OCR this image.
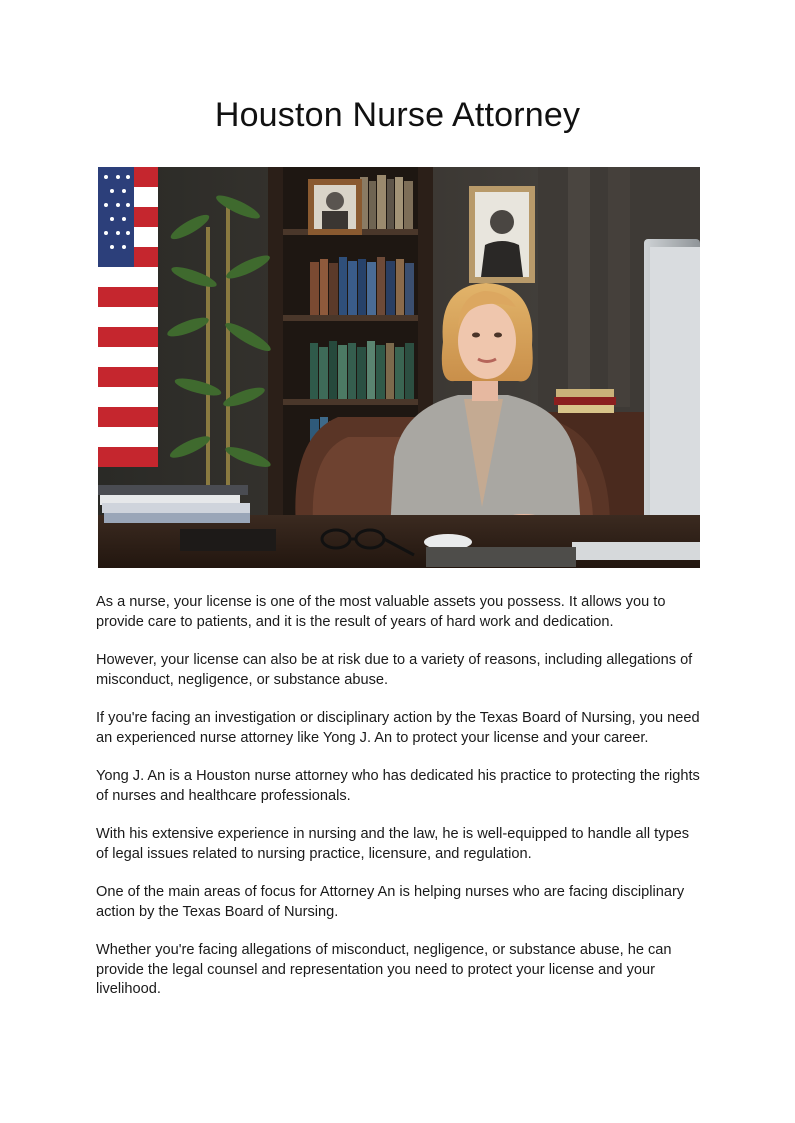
Houston Nurse Attorney

As a nurse, your license is one of the most valuable assets you possess. It allows you to provide care to patients, and it is the result of years of hard work and dedication.

However, your license can also be at risk due to a variety of reasons, including allegations of misconduct, negligence, or substance abuse.

If you're facing an investigation or disciplinary action by the Texas Board of Nursing, you need an experienced nurse attorney like Yong J. An to protect your license and your career.

Yong J. An is a Houston nurse attorney who has dedicated his practice to protecting the rights of nurses and healthcare professionals.

With his extensive experience in nursing and the law, he is well-equipped to handle all types of legal issues related to nursing practice, licensure, and regulation.

One of the main areas of focus for Attorney An is helping nurses who are facing disciplinary action by the Texas Board of Nursing.

Whether you're facing allegations of misconduct, negligence, or substance abuse, he can provide the legal counsel and representation you need to protect your license and your livelihood.
